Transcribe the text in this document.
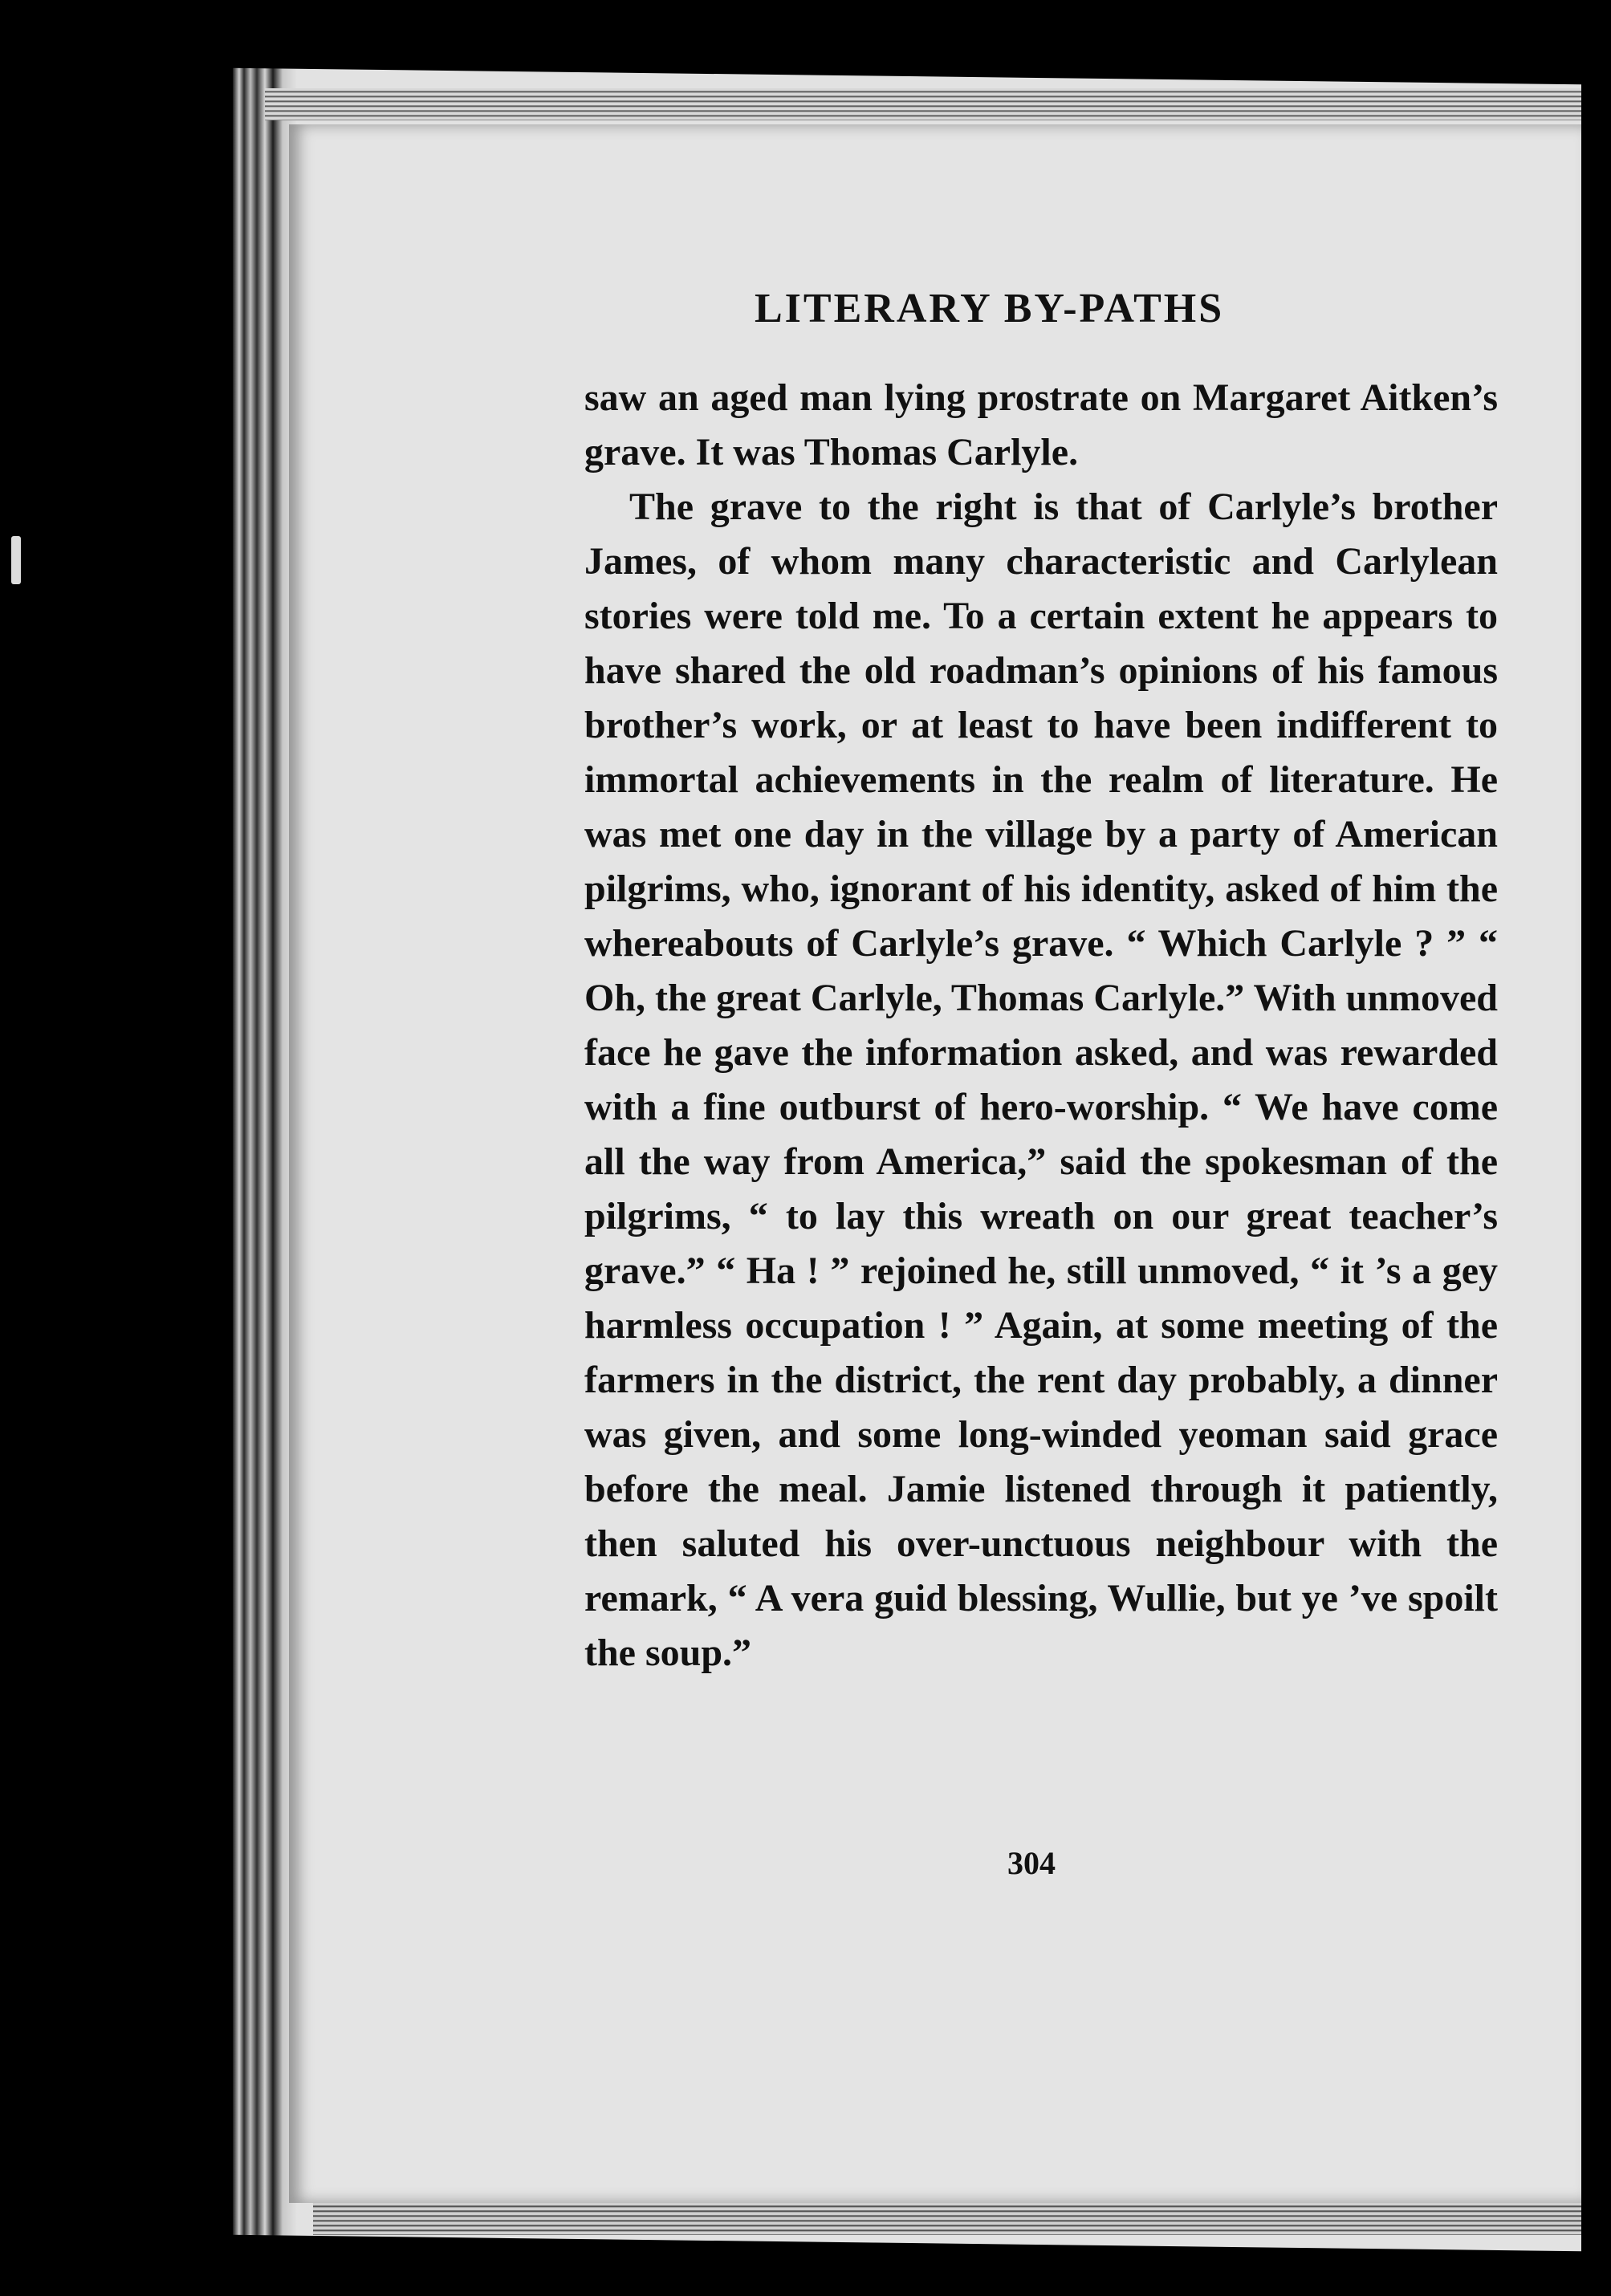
LITERARY BY-PATHS

saw an aged man lying prostrate on Margaret Aitken’s grave. It was Thomas Carlyle.

The grave to the right is that of Carlyle’s brother James, of whom many characteristic and Carlylean stories were told me. To a certain extent he appears to have shared the old roadman’s opinions of his famous brother’s work, or at least to have been indifferent to immortal achievements in the realm of literature. He was met one day in the village by a party of American pilgrims, who, ignorant of his identity, asked of him the whereabouts of Carlyle’s grave. “ Which Carlyle ? ” “ Oh, the great Carlyle, Thomas Carlyle.” With unmoved face he gave the information asked, and was rewarded with a fine outburst of hero-worship. “ We have come all the way from America,” said the spokesman of the pilgrims, “ to lay this wreath on our great teacher’s grave.” “ Ha ! ” rejoined he, still unmoved, “ it ’s a gey harmless occupation ! ” Again, at some meeting of the farmers in the district, the rent day probably, a dinner was given, and some long-winded yeoman said grace before the meal. Jamie listened through it patiently, then saluted his over-unctuous neighbour with the remark, “ A vera guid blessing, Wullie, but ye ’ve spoilt the soup.”

304
